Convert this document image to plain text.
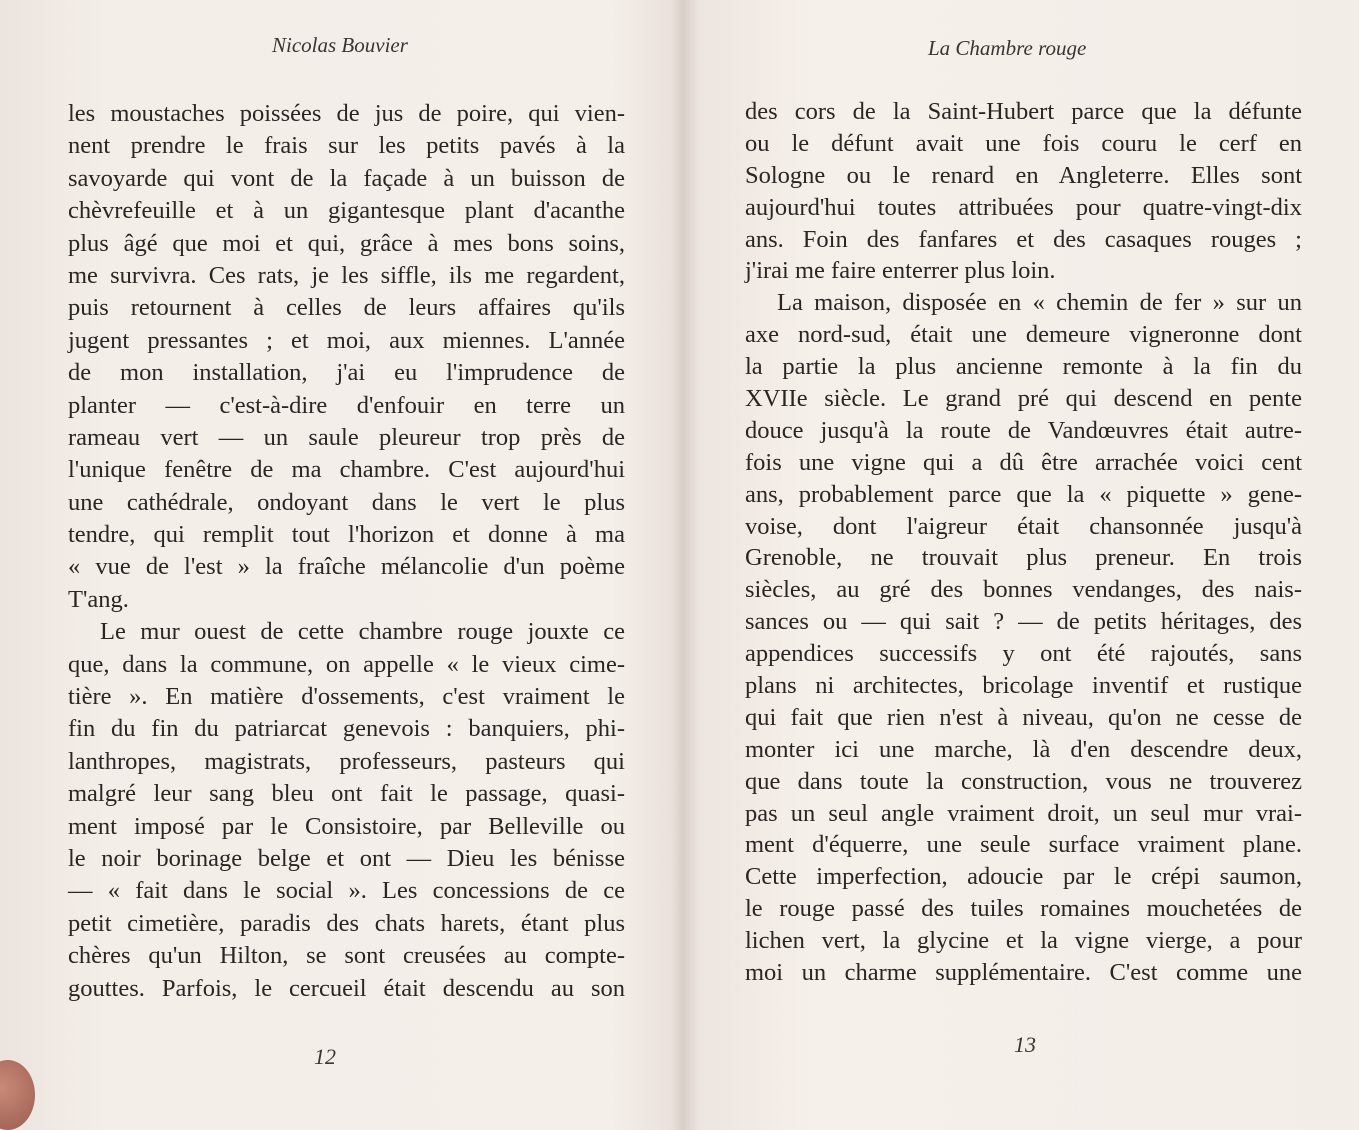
Nicolas Bouvier
les moustaches poissées de jus de poire, qui vien-
nent prendre le frais sur les petits pavés à la
savoyarde qui vont de la façade à un buisson de
chèvrefeuille et à un gigantesque plant d'acanthe
plus âgé que moi et qui, grâce à mes bons soins,
me survivra. Ces rats, je les siffle, ils me regardent,
puis retournent à celles de leurs affaires qu'ils
jugent pressantes ; et moi, aux miennes. L'année
de mon installation, j'ai eu l'imprudence de
planter — c'est-à-dire d'enfouir en terre un
rameau vert — un saule pleureur trop près de
l'unique fenêtre de ma chambre. C'est aujourd'hui
une cathédrale, ondoyant dans le vert le plus
tendre, qui remplit tout l'horizon et donne à ma
« vue de l'est » la fraîche mélancolie d'un poème
T'ang.
Le mur ouest de cette chambre rouge jouxte ce
que, dans la commune, on appelle « le vieux cime-
tière ». En matière d'ossements, c'est vraiment le
fin du fin du patriarcat genevois : banquiers, phi-
lanthropes, magistrats, professeurs, pasteurs qui
malgré leur sang bleu ont fait le passage, quasi-
ment imposé par le Consistoire, par Belleville ou
le noir borinage belge et ont — Dieu les bénisse
— « fait dans le social ». Les concessions de ce
petit cimetière, paradis des chats harets, étant plus
chères qu'un Hilton, se sont creusées au compte-
gouttes. Parfois, le cercueil était descendu au son
12
La Chambre rouge
des cors de la Saint-Hubert parce que la défunte
ou le défunt avait une fois couru le cerf en
Sologne ou le renard en Angleterre. Elles sont
aujourd'hui toutes attribuées pour quatre-vingt-dix
ans. Foin des fanfares et des casaques rouges ;
j'irai me faire enterrer plus loin.
La maison, disposée en « chemin de fer » sur un
axe nord-sud, était une demeure vigneronne dont
la partie la plus ancienne remonte à la fin du
XVIIe siècle. Le grand pré qui descend en pente
douce jusqu'à la route de Vandœuvres était autre-
fois une vigne qui a dû être arrachée voici cent
ans, probablement parce que la « piquette » gene-
voise, dont l'aigreur était chansonnée jusqu'à
Grenoble, ne trouvait plus preneur. En trois
siècles, au gré des bonnes vendanges, des nais-
sances ou — qui sait ? — de petits héritages, des
appendices successifs y ont été rajoutés, sans
plans ni architectes, bricolage inventif et rustique
qui fait que rien n'est à niveau, qu'on ne cesse de
monter ici une marche, là d'en descendre deux,
que dans toute la construction, vous ne trouverez
pas un seul angle vraiment droit, un seul mur vrai-
ment d'équerre, une seule surface vraiment plane.
Cette imperfection, adoucie par le crépi saumon,
le rouge passé des tuiles romaines mouchetées de
lichen vert, la glycine et la vigne vierge, a pour
moi un charme supplémentaire. C'est comme une
13
